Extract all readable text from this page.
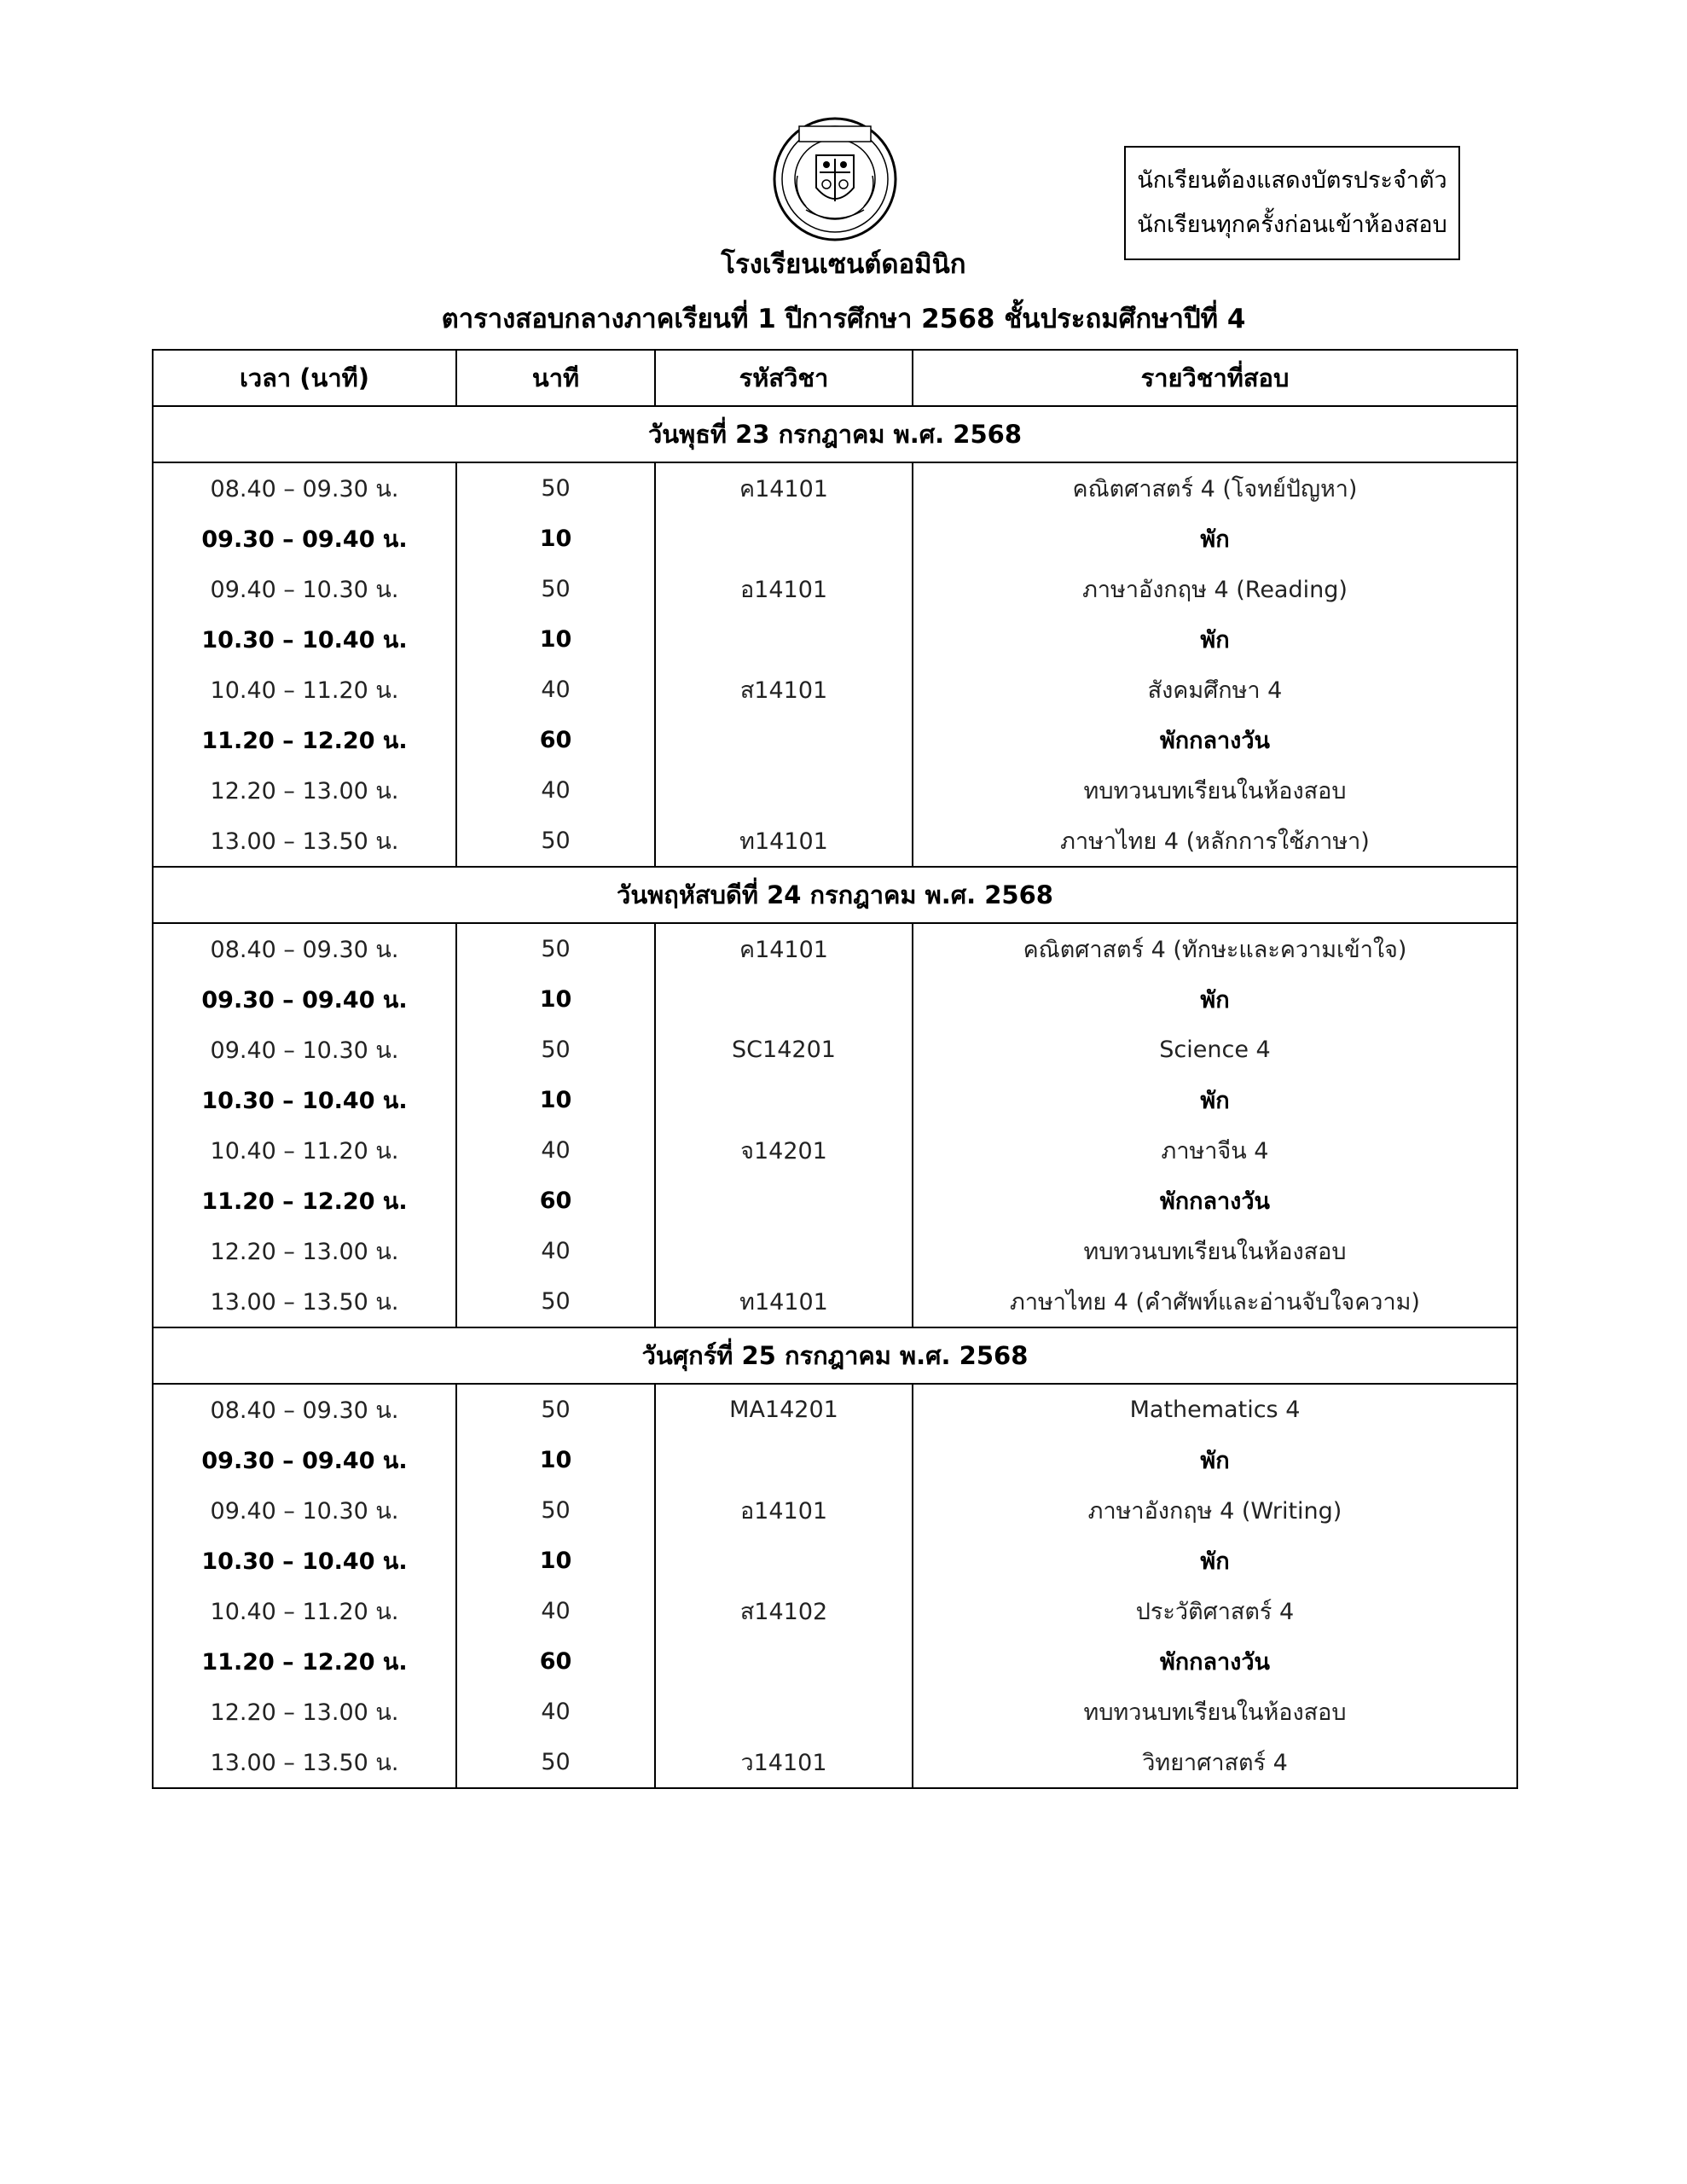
นักเรียนต้องแสดงบัตรประจำตัว
นักเรียนทุกครั้งก่อนเข้าห้องสอบ
โรงเรียนเซนต์ดอมินิก
ตารางสอบกลางภาคเรียนที่ 1 ปีการศึกษา 2568 ชั้นประถมศึกษาปีที่ 4
เวลา (นาที)	นาที	รหัสวิชา	รายวิชาที่สอบ
วันพุธที่ 23 กรกฎาคม พ.ศ. 2568			
08.40 – 09.30 น.	50	ค14101	คณิตศาสตร์ 4 (โจทย์ปัญหา)
09.30 – 09.40 น.	10		พัก
09.40 – 10.30 น.	50	อ14101	ภาษาอังกฤษ 4 (Reading)
10.30 – 10.40 น.	10		พัก
10.40 – 11.20 น.	40	ส14101	สังคมศึกษา 4
11.20 – 12.20 น.	60		พักกลางวัน
12.20 – 13.00 น.	40		ทบทวนบทเรียนในห้องสอบ
13.00 – 13.50 น.	50	ท14101	ภาษาไทย 4 (หลักการใช้ภาษา)
วันพฤหัสบดีที่ 24 กรกฎาคม พ.ศ. 2568			
08.40 – 09.30 น.	50	ค14101	คณิตศาสตร์ 4 (ทักษะและความเข้าใจ)
09.30 – 09.40 น.	10		พัก
09.40 – 10.30 น.	50	SC14201	Science 4
10.30 – 10.40 น.	10		พัก
10.40 – 11.20 น.	40	จ14201	ภาษาจีน 4
11.20 – 12.20 น.	60		พักกลางวัน
12.20 – 13.00 น.	40		ทบทวนบทเรียนในห้องสอบ
13.00 – 13.50 น.	50	ท14101	ภาษาไทย 4 (คำศัพท์และอ่านจับใจความ)
วันศุกร์ที่ 25 กรกฎาคม พ.ศ. 2568			
08.40 – 09.30 น.	50	MA14201	Mathematics 4
09.30 – 09.40 น.	10		พัก
09.40 – 10.30 น.	50	อ14101	ภาษาอังกฤษ 4 (Writing)
10.30 – 10.40 น.	10		พัก
10.40 – 11.20 น.	40	ส14102	ประวัติศาสตร์ 4
11.20 – 12.20 น.	60		พักกลางวัน
12.20 – 13.00 น.	40		ทบทวนบทเรียนในห้องสอบ
13.00 – 13.50 น.	50	ว14101	วิทยาศาสตร์ 4
